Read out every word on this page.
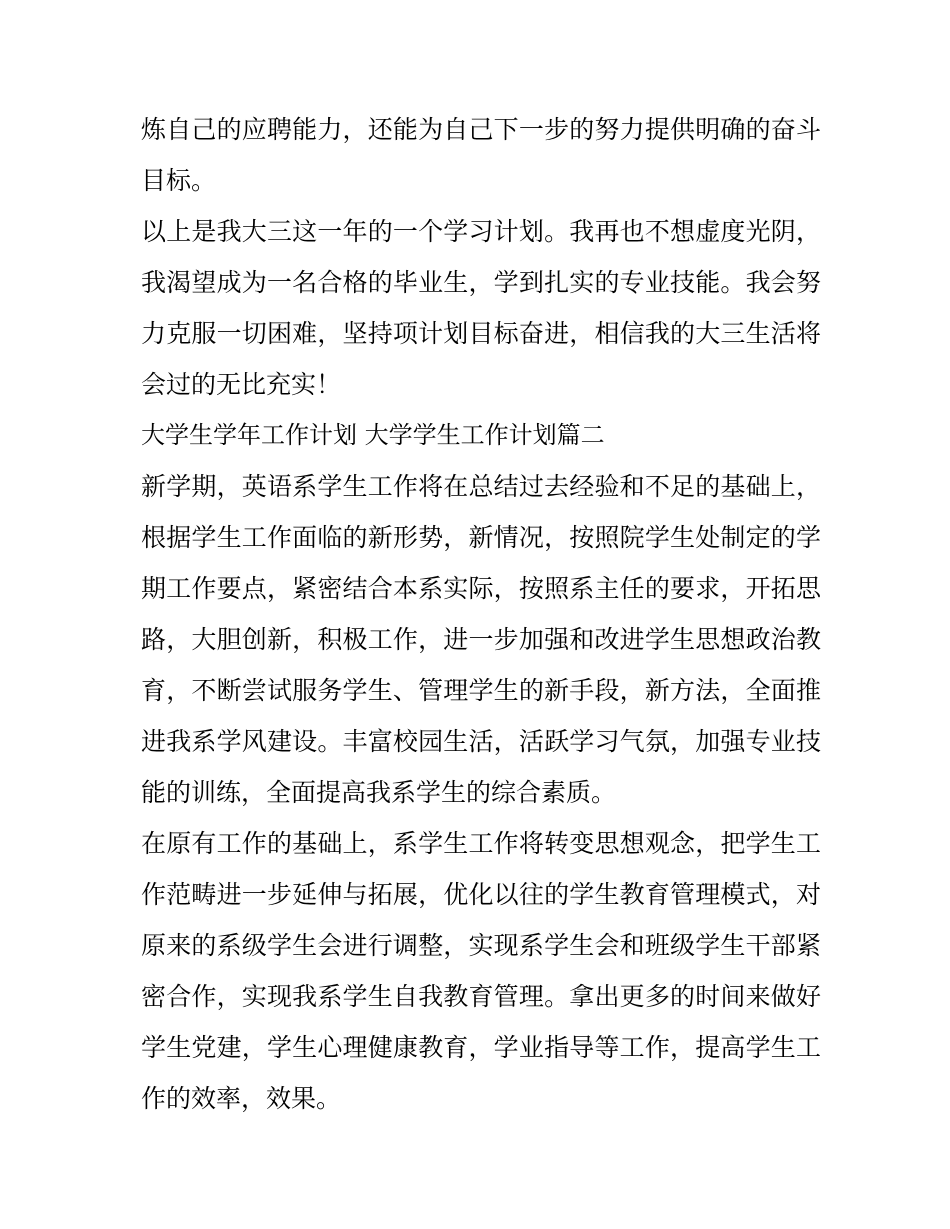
炼自己的应聘能力，还能为自己下一步的努力提供明确的奋斗目标。

以上是我大三这一年的一个学习计划。我再也不想虚度光阴，我渴望成为一名合格的毕业生，学到扎实的专业技能。我会努力克服一切困难，坚持项计划目标奋进，相信我的大三生活将会过的无比充实！

大学生学年工作计划 大学学生工作计划篇二

新学期，英语系学生工作将在总结过去经验和不足的基础上，根据学生工作面临的新形势，新情况，按照院学生处制定的学期工作要点，紧密结合本系实际，按照系主任的要求，开拓思路，大胆创新，积极工作，进一步加强和改进学生思想政治教育，不断尝试服务学生、管理学生的新手段，新方法，全面推进我系学风建设。丰富校园生活，活跃学习气氛，加强专业技能的训练，全面提高我系学生的综合素质。

在原有工作的基础上，系学生工作将转变思想观念，把学生工作范畴进一步延伸与拓展，优化以往的学生教育管理模式，对原来的系级学生会进行调整，实现系学生会和班级学生干部紧密合作，实现我系学生自我教育管理。拿出更多的时间来做好学生党建，学生心理健康教育，学业指导等工作，提高学生工作的效率，效果。
